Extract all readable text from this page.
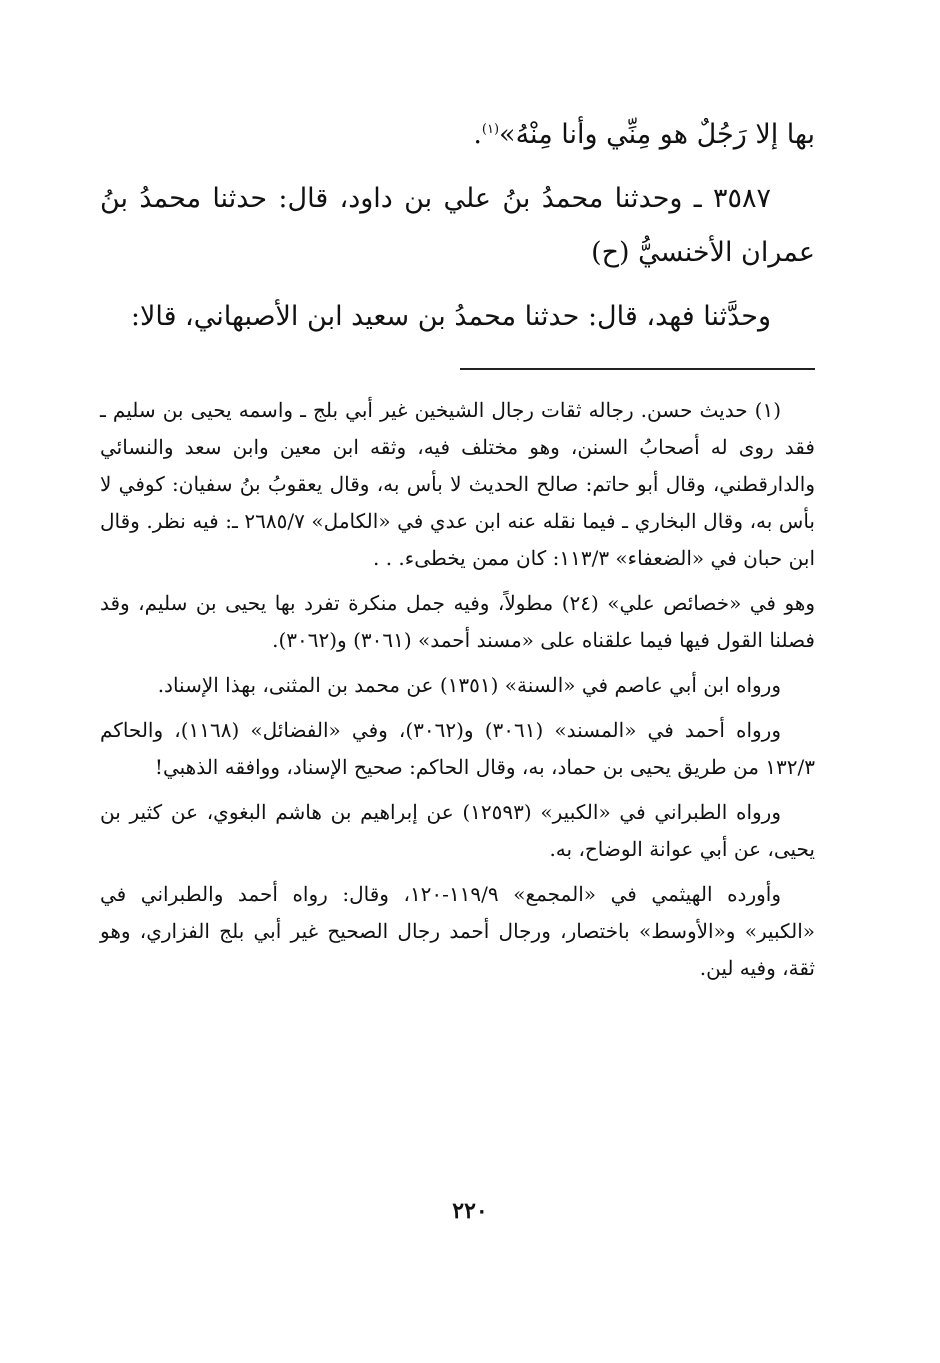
بها إلا رَجُلٌ هو مِنِّي وأنا مِنْهُ»$^{(١)}$.

٣٥٨٧ ـ وحدثنا محمدُ بنُ علي بن داود، قال: حدثنا محمدُ بنُ عمران الأخنسيُّ (ح)

وحدَّثنا فهد، قال: حدثنا محمدُ بن سعيد ابن الأصبهاني، قالا:

(١) حديث حسن. رجاله ثقات رجال الشيخين غير أبي بلج ـ واسمه يحيى بن سليم ـ فقد روى له أصحابُ السنن، وهو مختلف فيه، وثقه ابن معين وابن سعد والنسائي والدارقطني، وقال أبو حاتم: صالح الحديث لا بأس به، وقال يعقوبُ بنُ سفيان: كوفي لا بأس به، وقال البخاري ـ فيما نقله عنه ابن عدي في «الكامل» ٢٦٨٥/٧ ـ: فيه نظر. وقال ابن حبان في «الضعفاء» ١١٣/٣: كان ممن يخطىء. . .

وهو في «خصائص علي» (٢٤) مطولاً، وفيه جمل منكرة تفرد بها يحيى بن سليم، وقد فصلنا القول فيها فيما علقناه على «مسند أحمد» (٣٠٦١) و(٣٠٦٢).

ورواه ابن أبي عاصم في «السنة» (١٣٥١) عن محمد بن المثنى، بهذا الإسناد.

ورواه أحمد في «المسند» (٣٠٦١) و(٣٠٦٢)، وفي «الفضائل» (١١٦٨)، والحاكم ١٣٢/٣ من طريق يحيى بن حماد، به، وقال الحاكم: صحيح الإسناد، ووافقه الذهبي!

ورواه الطبراني في «الكبير» (١٢٥٩٣) عن إبراهيم بن هاشم البغوي، عن كثير بن يحيى، عن أبي عوانة الوضاح، به.

وأورده الهيثمي في «المجمع» ١١٩/٩-١٢٠، وقال: رواه أحمد والطبراني في «الكبير» و«الأوسط» باختصار، ورجال أحمد رجال الصحيح غير أبي بلج الفزاري، وهو ثقة، وفيه لين.

٢٢٠
